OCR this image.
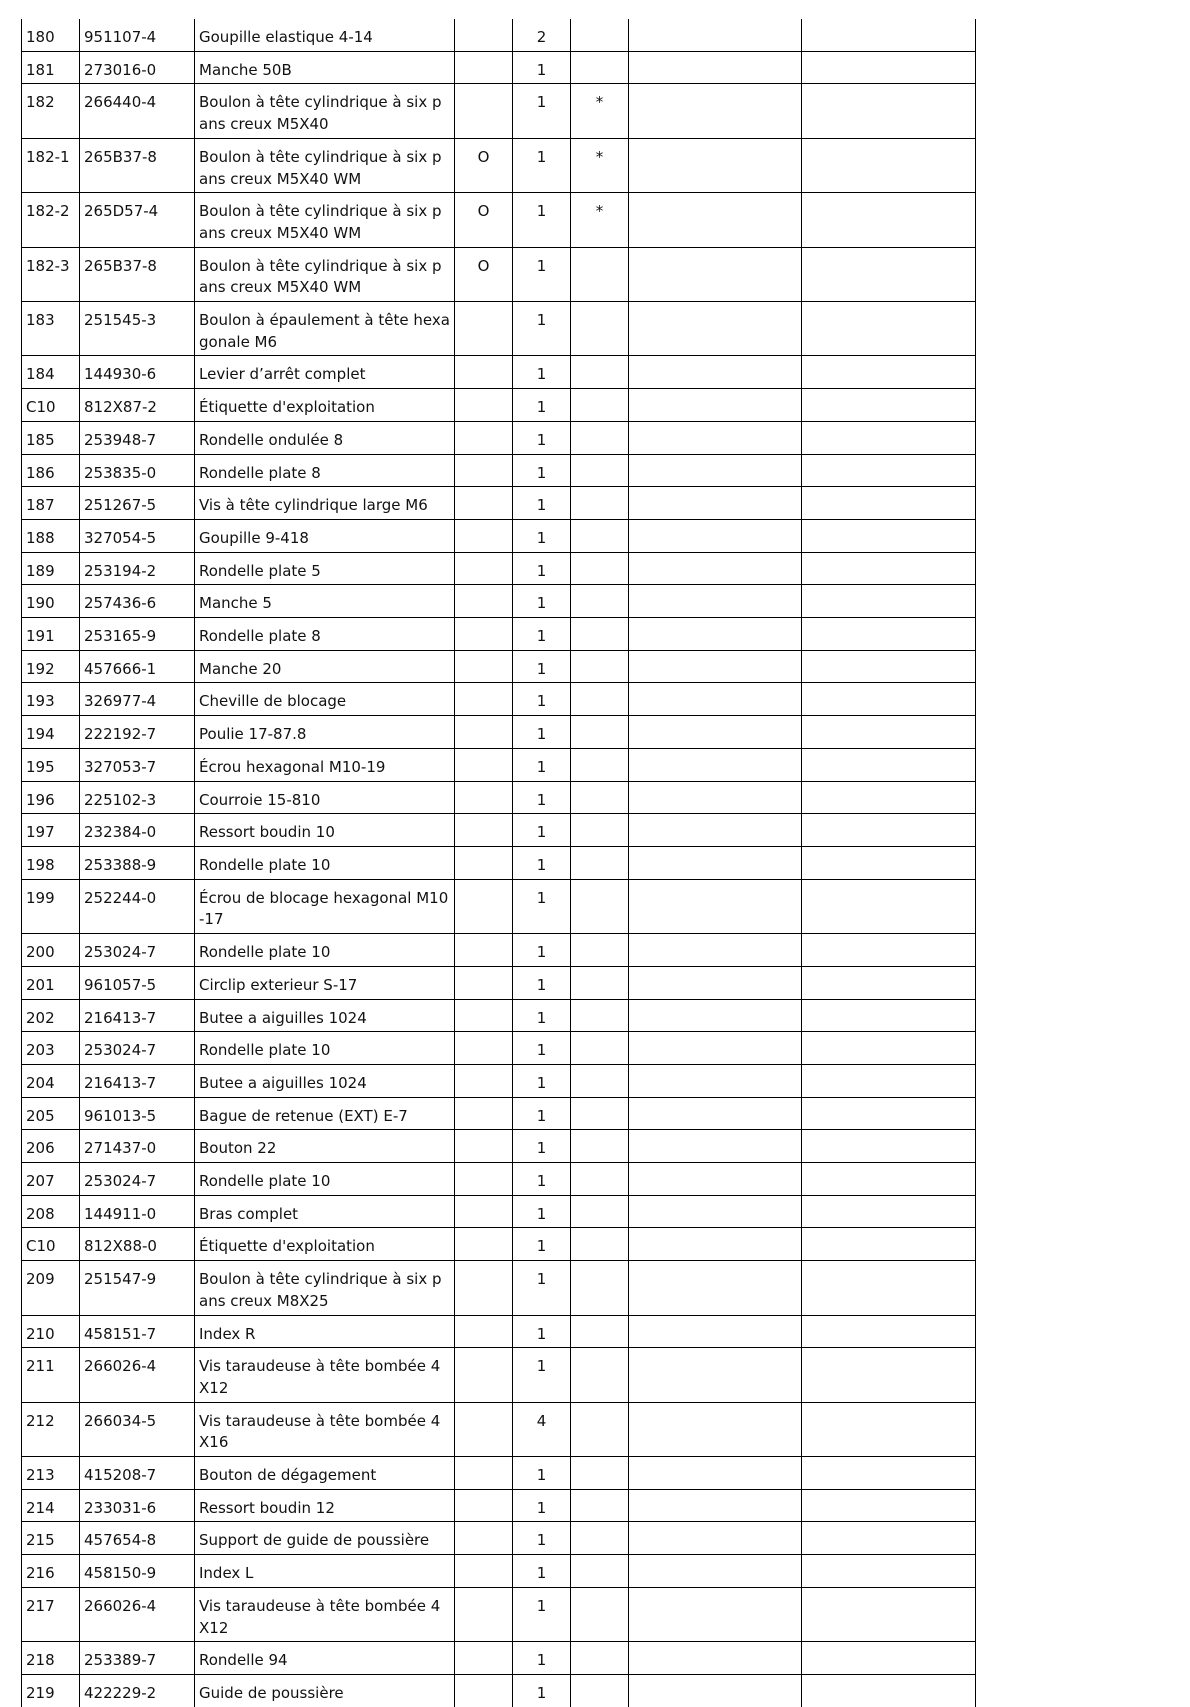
180	951107-4	Goupille elastique 4-14		2			
181	273016-0	Manche 50B		1			
182	266440-4	Boulon à tête cylindrique à six pans creux M5X40		1	*		
182-1	265B37-8	Boulon à tête cylindrique à six pans creux M5X40 WM	O	1	*		
182-2	265D57-4	Boulon à tête cylindrique à six pans creux M5X40 WM	O	1	*		
182-3	265B37-8	Boulon à tête cylindrique à six pans creux M5X40 WM	O	1			
183	251545-3	Boulon à épaulement à tête hexagonale M6		1			
184	144930-6	Levier d’arrêt complet		1			
C10	812X87-2	Étiquette d'exploitation		1			
185	253948-7	Rondelle ondulée 8		1			
186	253835-0	Rondelle plate 8		1			
187	251267-5	Vis à tête cylindrique large M6		1			
188	327054-5	Goupille 9-418		1			
189	253194-2	Rondelle plate 5		1			
190	257436-6	Manche 5		1			
191	253165-9	Rondelle plate 8		1			
192	457666-1	Manche 20		1			
193	326977-4	Cheville de blocage		1			
194	222192-7	Poulie 17-87.8		1			
195	327053-7	Écrou hexagonal M10-19		1			
196	225102-3	Courroie 15-810		1			
197	232384-0	Ressort boudin 10		1			
198	253388-9	Rondelle plate 10		1			
199	252244-0	Écrou de blocage hexagonal M10-17		1			
200	253024-7	Rondelle plate 10		1			
201	961057-5	Circlip exterieur S-17		1			
202	216413-7	Butee a aiguilles 1024		1			
203	253024-7	Rondelle plate 10		1			
204	216413-7	Butee a aiguilles 1024		1			
205	961013-5	Bague de retenue (EXT) E-7		1			
206	271437-0	Bouton 22		1			
207	253024-7	Rondelle plate 10		1			
208	144911-0	Bras complet		1			
C10	812X88-0	Étiquette d'exploitation		1			
209	251547-9	Boulon à tête cylindrique à six pans creux M8X25		1			
210	458151-7	Index R		1			
211	266026-4	Vis taraudeuse à tête bombée 4X12		1			
212	266034-5	Vis taraudeuse à tête bombée 4X16		4			
213	415208-7	Bouton de dégagement		1			
214	233031-6	Ressort boudin 12		1			
215	457654-8	Support de guide de poussière		1			
216	458150-9	Index L		1			
217	266026-4	Vis taraudeuse à tête bombée 4X12		1			
218	253389-7	Rondelle 94		1			
219	422229-2	Guide de poussière		1			
